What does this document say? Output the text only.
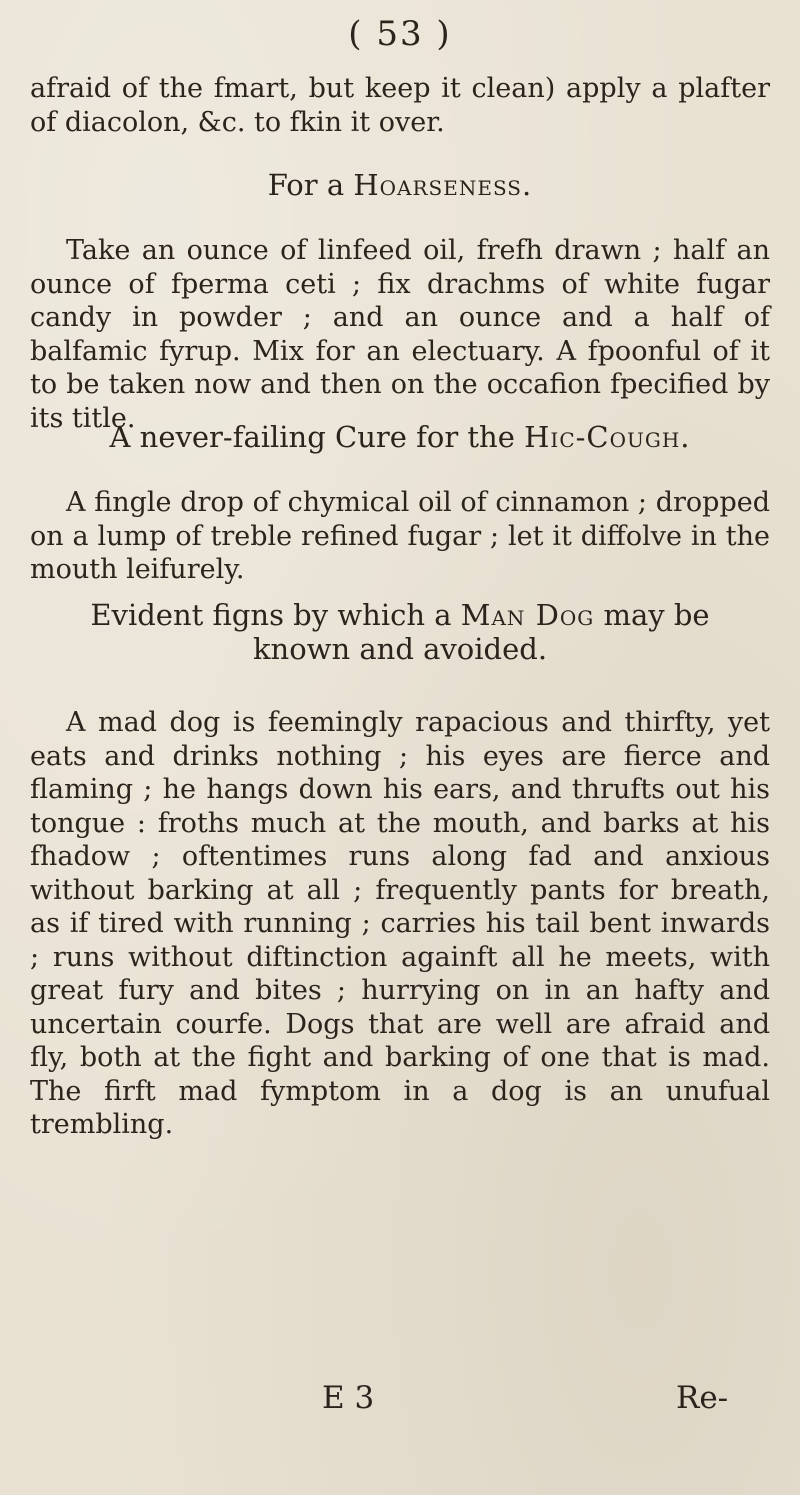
( 53 )

afraid of the fmart, but keep it clean) apply a plafter of diacolon, &c. to fkin it over.

For a Hoarseness.

Take an ounce of linfeed oil, frefh drawn ; half an ounce of fperma ceti ; fix drachms of white fugar candy in powder ; and an ounce and a half of balfamic fyrup. Mix for an electuary. A fpoonful of it to be taken now and then on the occafion fpecified by its title.

A never-failing Cure for the Hic-Cough.

A fingle drop of chymical oil of cinnamon ; dropped on a lump of treble refined fugar ; let it diffolve in the mouth leifurely.

Evident figns by which a Man Dog may be
known and avoided.

A mad dog is feemingly rapacious and thirfty, yet eats and drinks nothing ; his eyes are fierce and flaming ; he hangs down his ears, and thrufts out his tongue : froths much at the mouth, and barks at his fhadow ; oftentimes runs along fad and anxious without barking at all ; frequently pants for breath, as if tired with running ; carries his tail bent inwards ; runs without diftinction againft all he meets, with great fury and bites ; hurrying on in an hafty and uncertain courfe. Dogs that are well are afraid and fly, both at the fight and barking of one that is mad. The firft mad fymptom in a dog is an unufual trembling.

E 3	Re-
